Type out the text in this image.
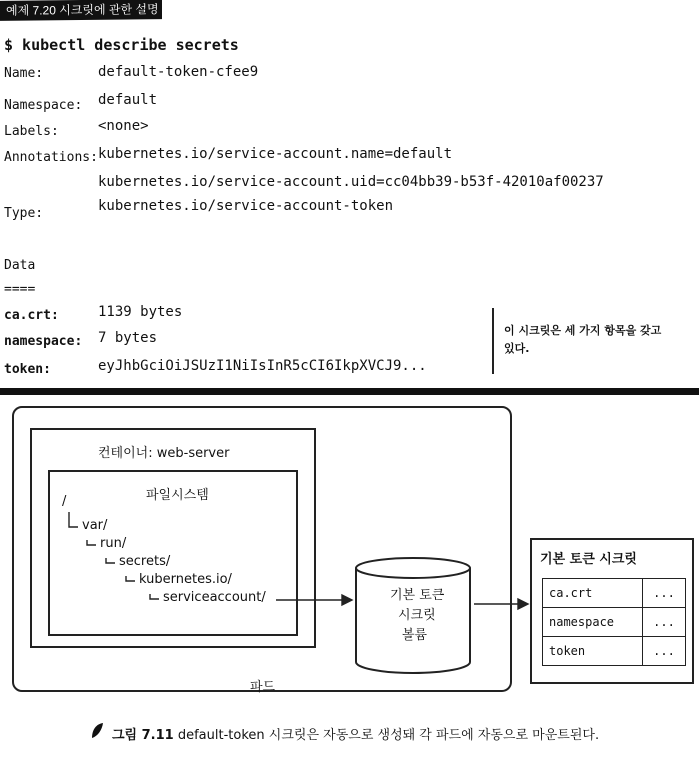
예제 7.20 시크릿에 관한 설명
$ kubectl describe secrets
Name:	default-token-cfee9
Namespace: default
Labels:	<none>
Annotations: kubernetes.io/service-account.name=default
kubernetes.io/service-account.uid=cc04bb39-b53f-42010af00237
Type:	kubernetes.io/service-account-token
Data
====
ca.crt:	1139 bytes
namespace: 7 bytes
token:	eyJhbGciOiJSUzI1NiIsInR5cCI6IkpXVCJ9...
이 시크릿은 세 가지 항목을 갖고 있다.
컨테이너: web-server
파일시스템
/
var/
run/
secrets/
kubernetes.io/
serviceaccount/	기본 토큰
시크릿
볼륨
파드
기본 토큰 시크릿
ca.crt	...
namespace	...
token	...
그림 7.11 default-token 시크릿은 자동으로 생성돼 각 파드에 자동으로 마운트된다.
